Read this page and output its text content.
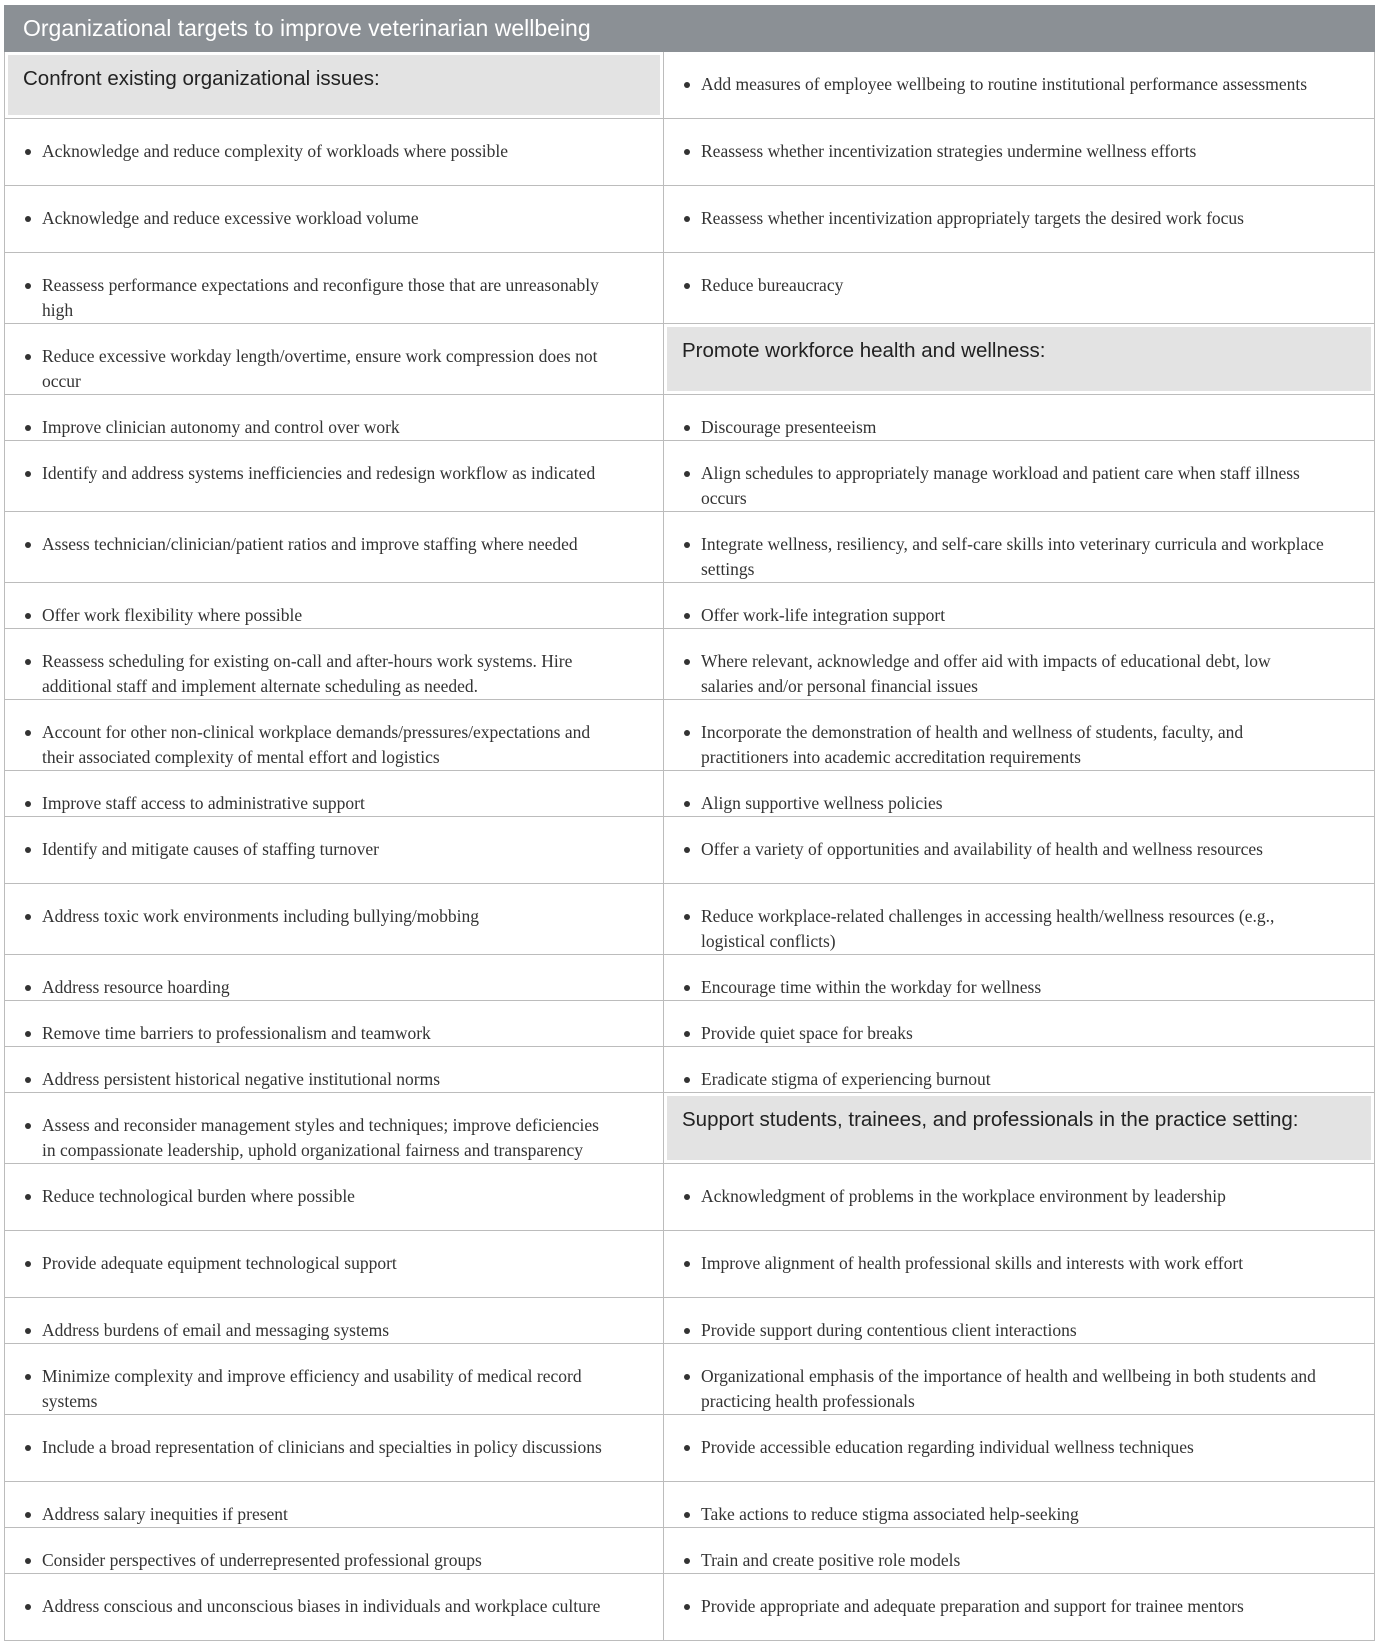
Organizational targets to improve veterinarian wellbeing	

Confront existing organizational issues:	Add measures of employee wellbeing to routine institutional performance assessments

Acknowledge and reduce complexity of workloads where possible	Reassess whether incentivization strategies undermine wellness efforts

Acknowledge and reduce excessive workload volume	Reassess whether incentivization appropriately targets the desired work focus

Reassess performance expectations and reconfigure those that are unreasonably high	Reduce bureaucracy

Reduce excessive workday length/overtime, ensure work compression does not occur	Promote workforce health and wellness:

Improve clinician autonomy and control over work	Discourage presenteeism

Identify and address systems inefficiencies and redesign workflow as indicated	Align schedules to appropriately manage workload and patient care when staff illness occurs

Assess technician/clinician/patient ratios and improve staffing where needed	Integrate wellness, resiliency, and self-care skills into veterinary curricula and workplace settings

Offer work flexibility where possible	Offer work-life integration support

Reassess scheduling for existing on-call and after-hours work systems. Hire additional staff and implement alternate scheduling as needed.	Where relevant, acknowledge and offer aid with impacts of educational debt, low salaries and/or personal financial issues

Account for other non-clinical workplace demands/pressures/expectations and their associated complexity of mental effort and logistics	Incorporate the demonstration of health and wellness of students, faculty, and practitioners into academic accreditation requirements

Improve staff access to administrative support	Align supportive wellness policies

Identify and mitigate causes of staffing turnover	Offer a variety of opportunities and availability of health and wellness resources

Address toxic work environments including bullying/mobbing	Reduce workplace-related challenges in accessing health/wellness resources (e.g., logistical conflicts)

Address resource hoarding	Encourage time within the workday for wellness

Remove time barriers to professionalism and teamwork	Provide quiet space for breaks

Address persistent historical negative institutional norms	Eradicate stigma of experiencing burnout

Assess and reconsider management styles and techniques; improve deficiencies in compassionate leadership, uphold organizational fairness and transparency	Support students, trainees, and professionals in the practice setting:

Reduce technological burden where possible	Acknowledgment of problems in the workplace environment by leadership

Provide adequate equipment technological support	Improve alignment of health professional skills and interests with work effort

Address burdens of email and messaging systems	Provide support during contentious client interactions

Minimize complexity and improve efficiency and usability of medical record systems	Organizational emphasis of the importance of health and wellbeing in both students and practicing health professionals

Include a broad representation of clinicians and specialties in policy discussions	Provide accessible education regarding individual wellness techniques

Address salary inequities if present	Take actions to reduce stigma associated help-seeking

Consider perspectives of underrepresented professional groups	Train and create positive role models

Address conscious and unconscious biases in individuals and workplace culture	Provide appropriate and adequate preparation and support for trainee mentors
